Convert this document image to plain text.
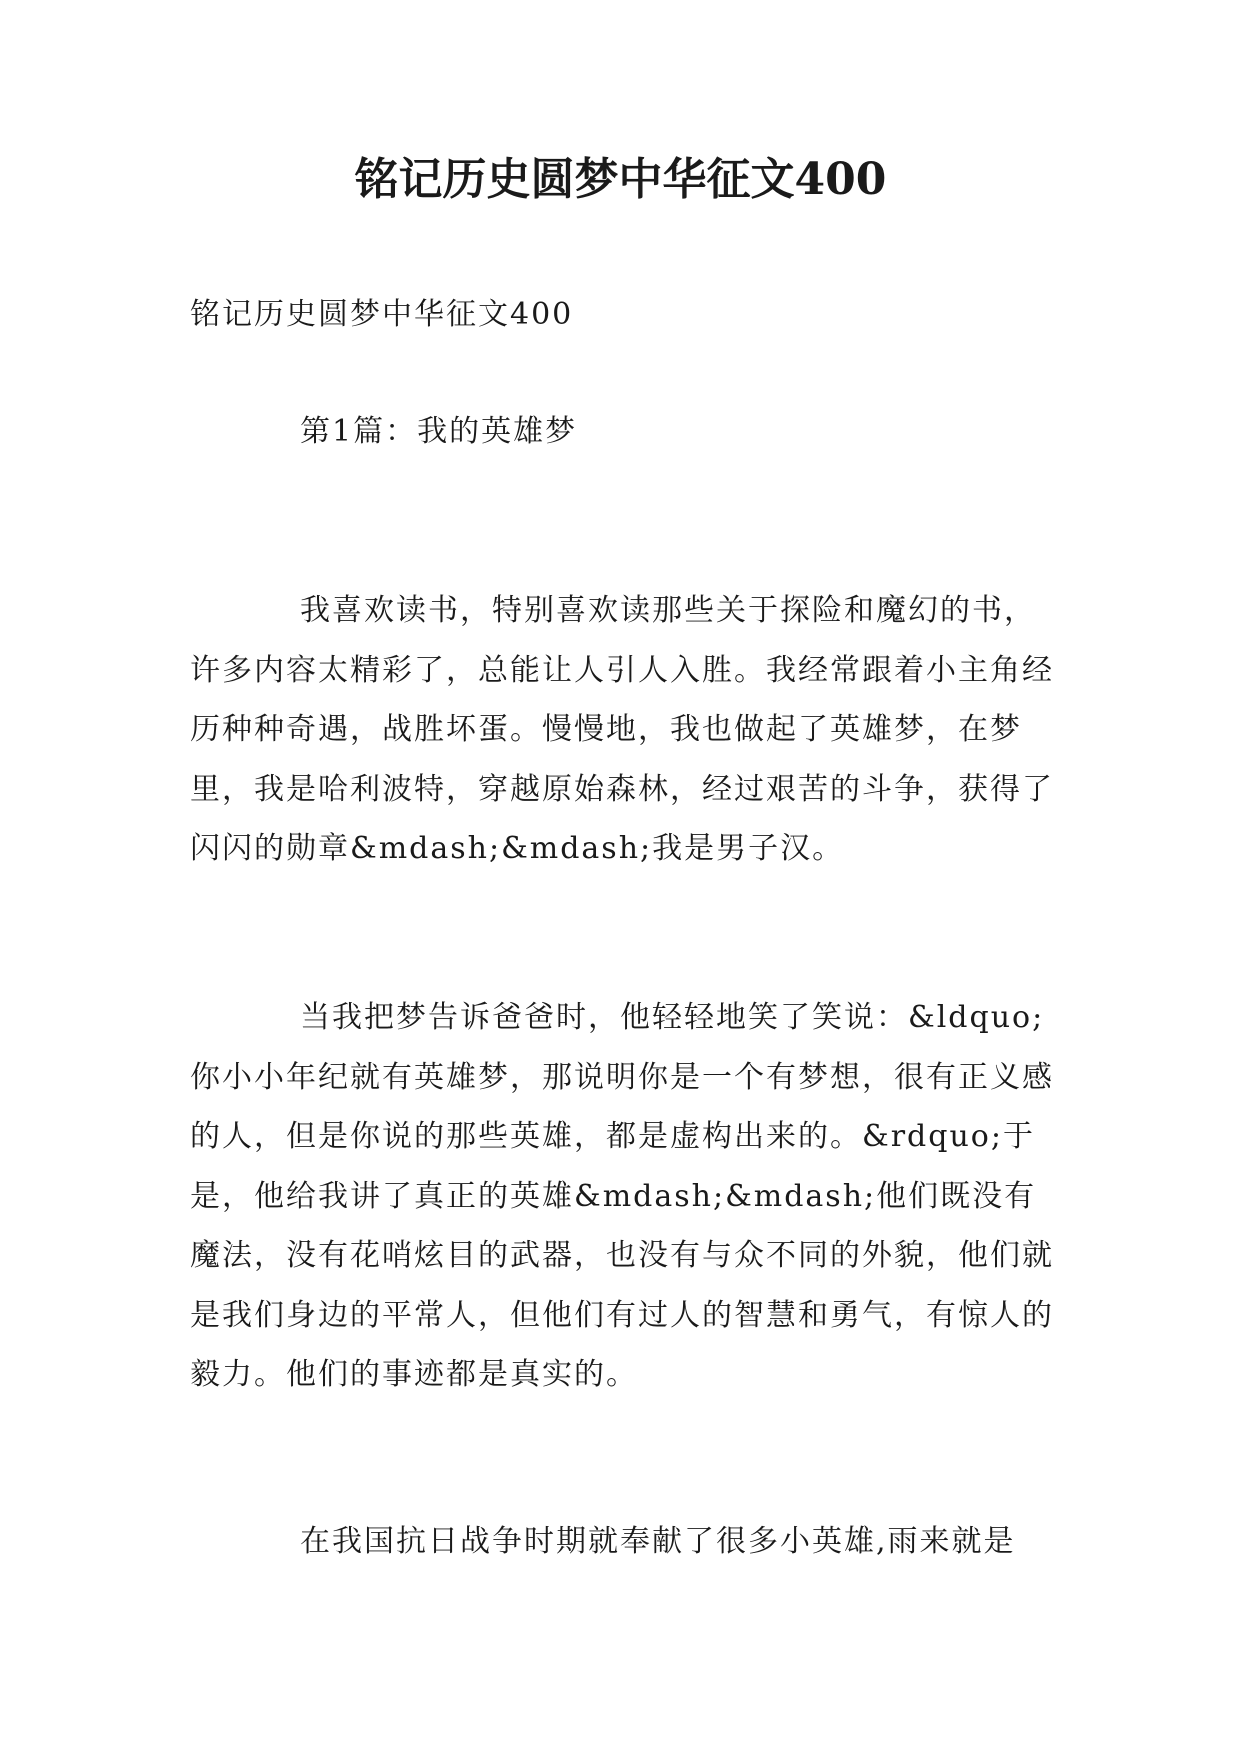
铭记历史圆梦中华征文400

铭记历史圆梦中华征文400

第1篇：我的英雄梦

我喜欢读书，特别喜欢读那些关于探险和魔幻的书，许多内容太精彩了，总能让人引人入胜。我经常跟着小主角经历种种奇遇，战胜坏蛋。慢慢地，我也做起了英雄梦，在梦里，我是哈利波特，穿越原始森林，经过艰苦的斗争，获得了闪闪的勋章&mdash;&mdash;我是男子汉。

当我把梦告诉爸爸时，他轻轻地笑了笑说：&ldquo;你小小年纪就有英雄梦，那说明你是一个有梦想，很有正义感的人，但是你说的那些英雄，都是虚构出来的。&rdquo;于是，他给我讲了真正的英雄&mdash;&mdash;他们既没有魔法，没有花哨炫目的武器，也没有与众不同的外貌，他们就是我们身边的平常人，但他们有过人的智慧和勇气，有惊人的毅力。他们的事迹都是真实的。

在我国抗日战争时期就奉献了很多小英雄,雨来就是
